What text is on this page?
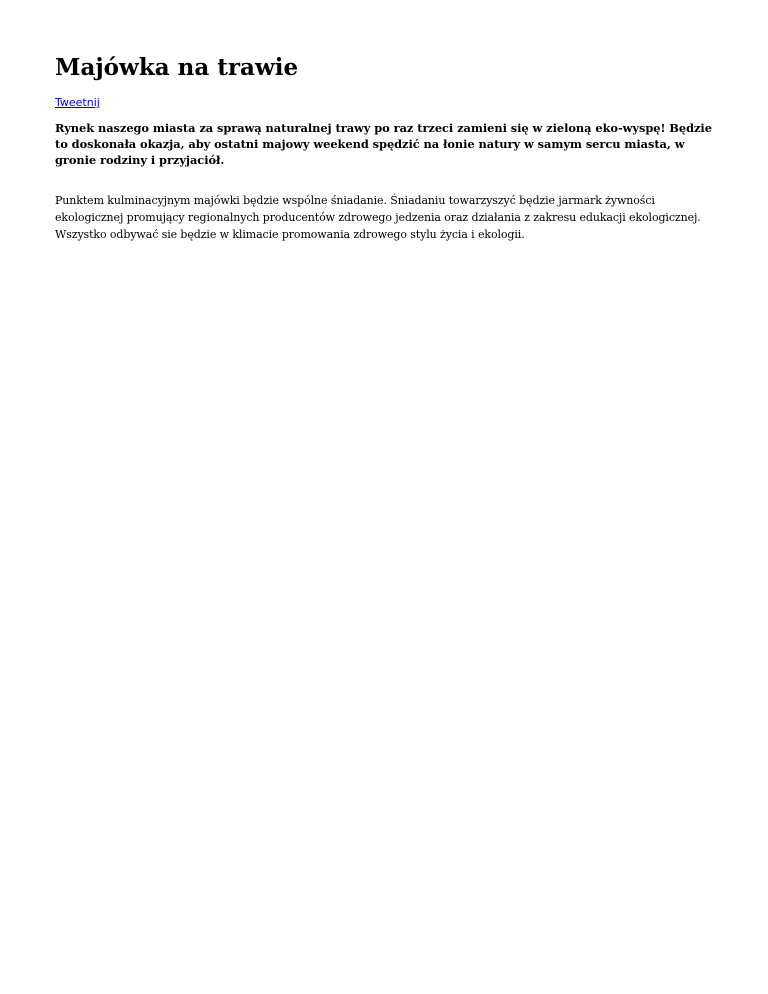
Majówka na trawie
Tweetnij

Rynek naszego miasta za sprawą naturalnej trawy po raz trzeci zamieni się w zieloną eko-wyspę! Będzie to doskonała okazja, aby ostatni majowy weekend spędzić na łonie natury w samym sercu miasta, w gronie rodziny i przyjaciół.

Punktem kulminacyjnym majówki będzie wspólne śniadanie. Śniadaniu towarzyszyć będzie jarmark żywności ekologicznej promujący regionalnych producentów zdrowego jedzenia oraz działania z zakresu edukacji ekologicznej. Wszystko odbywać sie będzie w klimacie promowania zdrowego stylu życia i ekologii.
